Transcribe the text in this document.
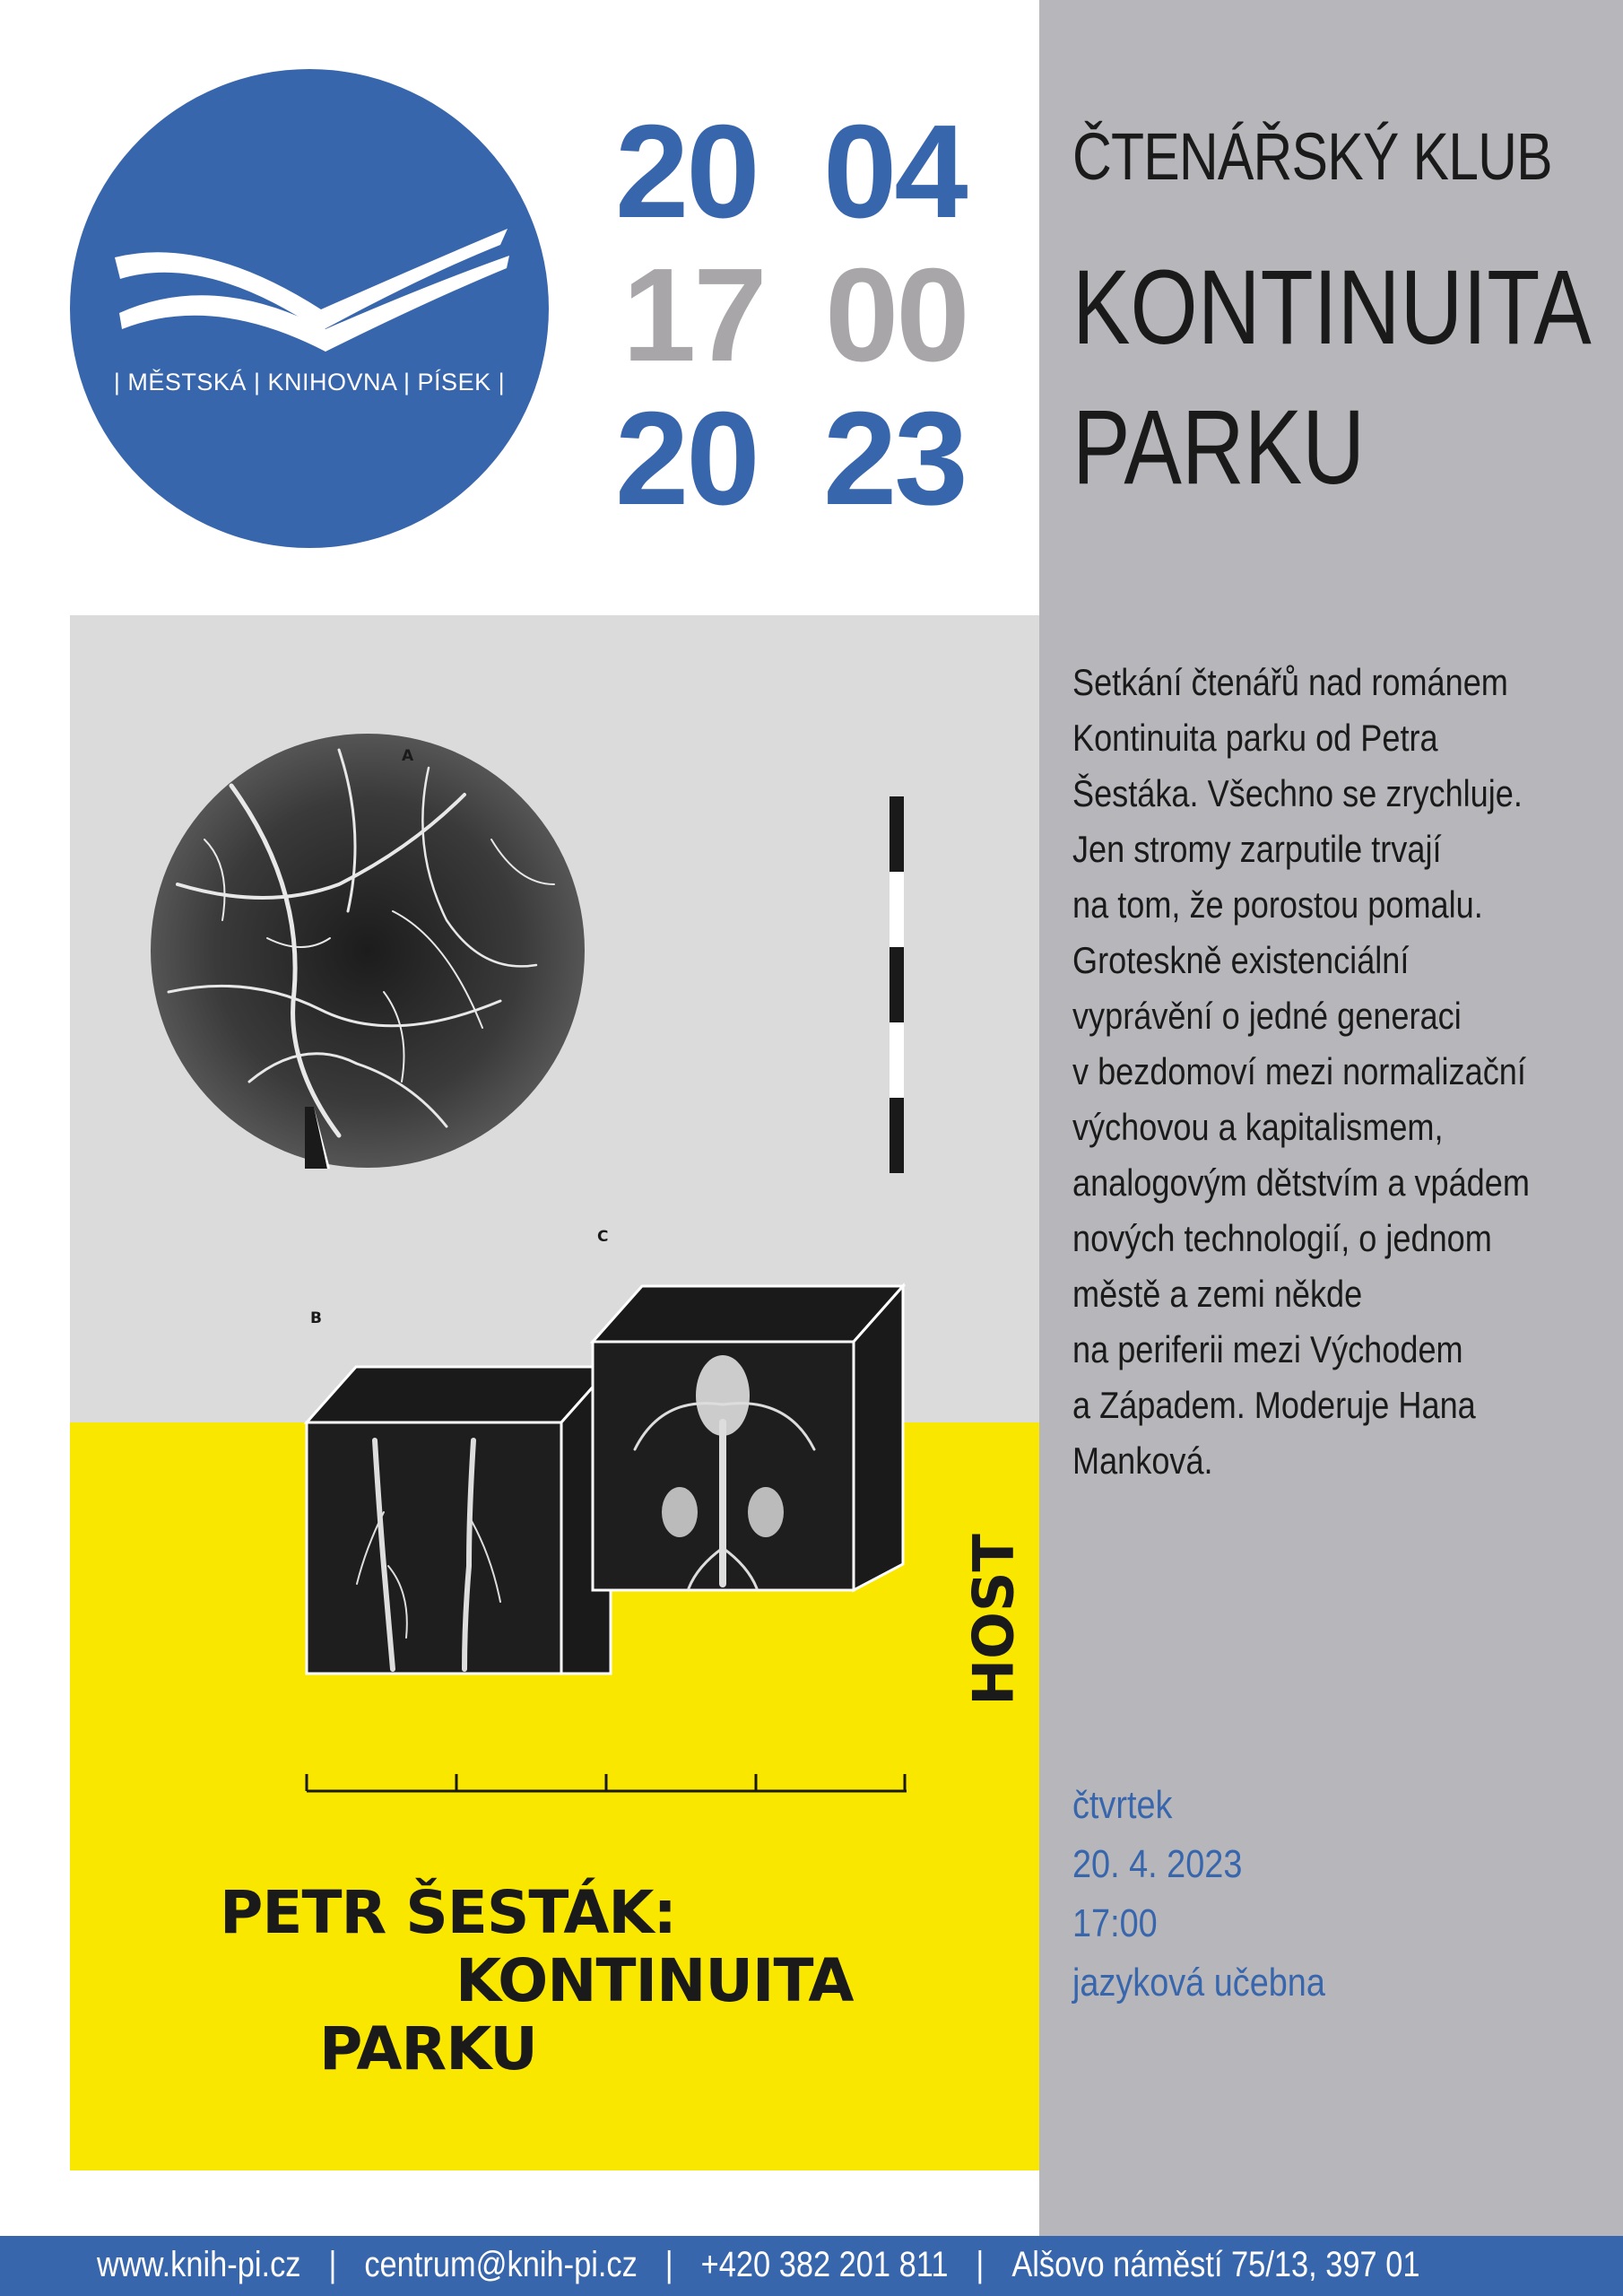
| MĚSTSKÁ | KNIHOVNA | PÍSEK |
20 04
17 00
20 23
ČTENÁŘSKÝ KLUB
KONTINUITA
PARKU
A
B
C
HOST
PETR ŠESTÁK:
KONTINUITA
PARKU

Setkání čtenářů nad románem

Kontinuita parku od Petra

Šestáka. Všechno se zrychluje.

Jen stromy zarputile trvají

na tom, že porostou pomalu.

Groteskně existenciální

vyprávění o jedné generaci

v bezdomoví mezi normalizační

výchovou a kapitalismem,

analogovým dětstvím a vpádem

nových technologií, o jednom

městě a zemi někde

na periferii mezi Východem

a Západem. Moderuje Hana

Manková.

čtvrtek
20. 4. 2023
17:00
jazyková učebna
www.knih-pi.cz | centrum@knih-pi.cz | +420 382 201 811 | Alšovo náměstí 75/13, 397 01
